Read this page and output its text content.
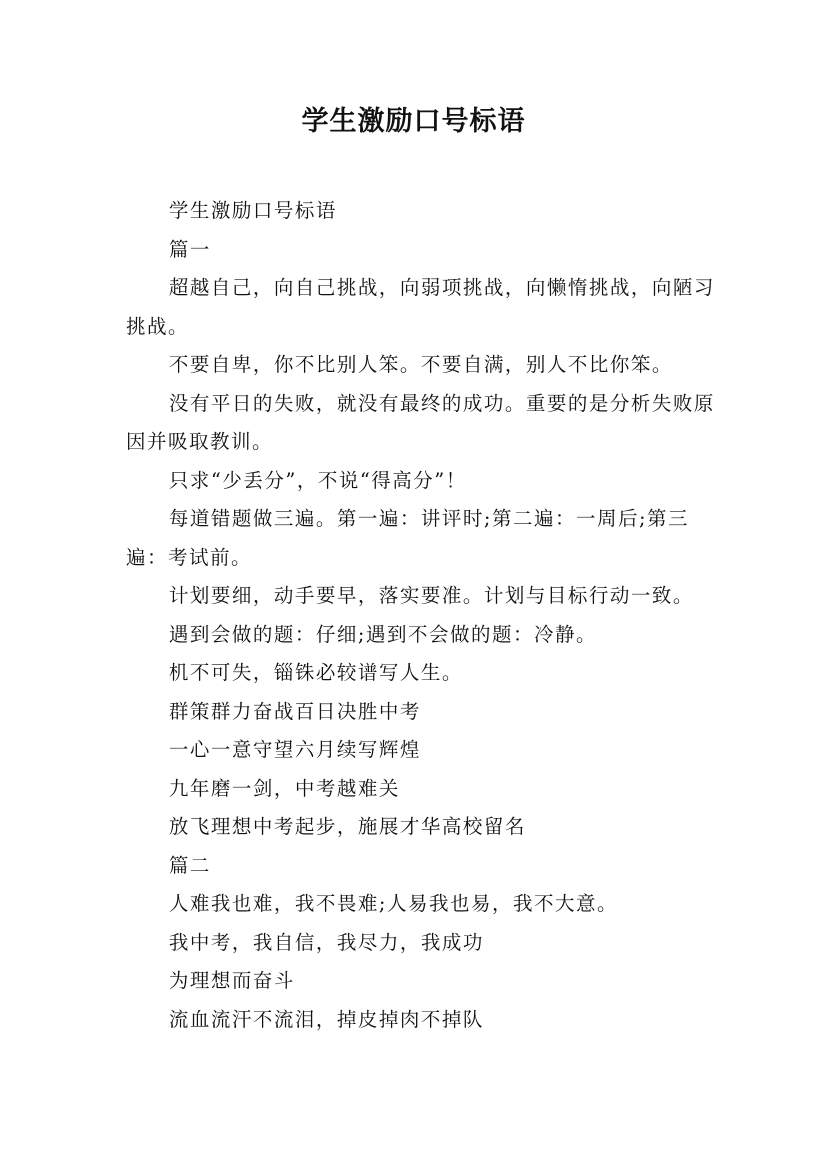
学生激励口号标语

学生激励口号标语

篇一

超越自己，向自己挑战，向弱项挑战，向懒惰挑战，向陋习挑战。

不要自卑，你不比别人笨。不要自满，别人不比你笨。

没有平日的失败，就没有最终的成功。重要的是分析失败原因并吸取教训。

只求“少丢分”，不说“得高分”！

每道错题做三遍。第一遍：讲评时;第二遍：一周后;第三遍：考试前。

计划要细，动手要早，落实要准。计划与目标行动一致。

遇到会做的题：仔细;遇到不会做的题：冷静。

机不可失，锱铢必较谱写人生。

群策群力奋战百日决胜中考

一心一意守望六月续写辉煌

九年磨一剑，中考越难关

放飞理想中考起步，施展才华高校留名

篇二

人难我也难，我不畏难;人易我也易，我不大意。

我中考，我自信，我尽力，我成功

为理想而奋斗

流血流汗不流泪，掉皮掉肉不掉队
